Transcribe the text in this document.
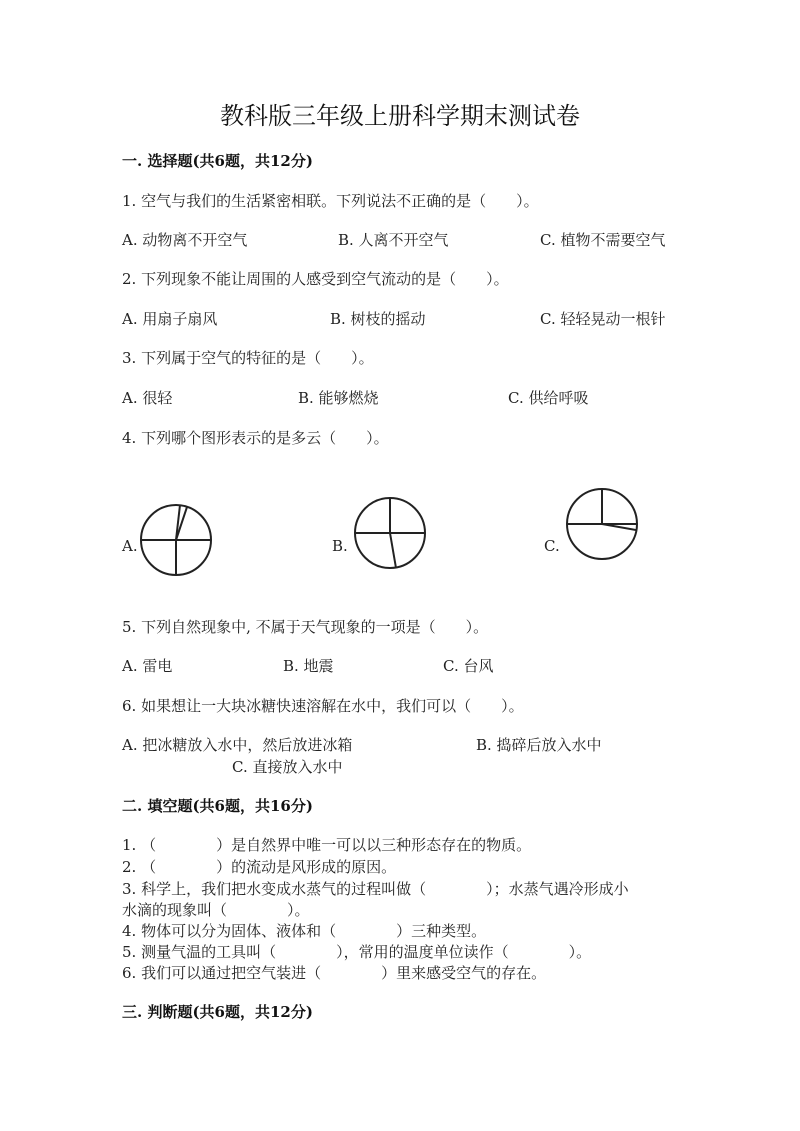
教科版三年级上册科学期末测试卷
一. 选择题(共6题，共12分)
1. 空气与我们的生活紧密相联。下列说法不正确的是（　　）。
A. 动物离不开空气	B. 人离不开空气	C. 植物不需要空气
2. 下列现象不能让周围的人感受到空气流动的是（　　）。
A. 用扇子扇风	B. 树枝的摇动	C. 轻轻晃动一根针
3. 下列属于空气的特征的是（　　）。
A. 很轻	B. 能够燃烧	C. 供给呼吸
4. 下列哪个图形表示的是多云（　　）。
A.	B.	C.
5. 下列自然现象中, 不属于天气现象的一项是（　　）。
A. 雷电	B. 地震	C. 台风
6. 如果想让一大块冰糖快速溶解在水中，我们可以（　　）。
A. 把冰糖放入水中，然后放进冰箱	B. 捣碎后放入水中
C. 直接放入水中
二. 填空题(共6题，共16分)
1. （　　　　）是自然界中唯一可以以三种形态存在的物质。
2. （　　　　）的流动是风形成的原因。
3. 科学上，我们把水变成水蒸气的过程叫做（　　　　）；水蒸气遇冷形成小
水滴的现象叫（　　　　）。
4. 物体可以分为固体、液体和（　　　　）三种类型。
5. 测量气温的工具叫（　　　　），常用的温度单位读作（　　　　）。
6. 我们可以通过把空气装进（　　　　）里来感受空气的存在。
三. 判断题(共6题，共12分)
